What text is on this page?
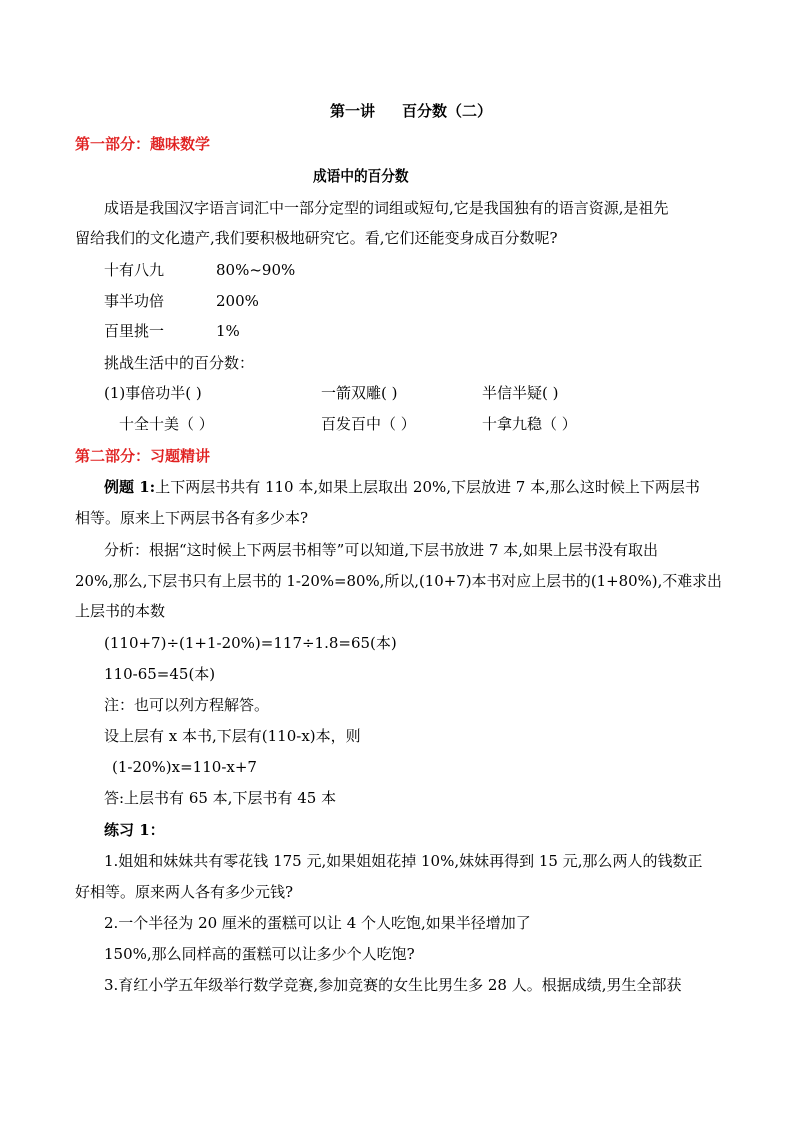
第一讲 百分数（二）
第一部分：趣味数学
成语中的百分数
成语是我国汉字语言词汇中一部分定型的词组或短句,它是我国独有的语言资源,是祖先
留给我们的文化遗产,我们要积极地研究它。看,它们还能变身成百分数呢?
十有八九	80%~90%
事半功倍	200%
百里挑一	1%
挑战生活中的百分数：
(1)事倍功半( )	一箭双雕( )	半信半疑( )
十全十美（ ）	百发百中（ ）	十拿九稳（ ）
第二部分：习题精讲
例题 1:上下两层书共有 110 本,如果上层取出 20%,下层放进 7 本,那么这时候上下两层书
相等。原来上下两层书各有多少本?
分析：根据“这时候上下两层书相等”可以知道,下层书放进 7 本,如果上层书没有取出
20%,那么,下层书只有上层书的 1-20%=80%,所以,(10+7)本书对应上层书的(1+80%),不难求出
上层书的本数
(110+7)÷(1+1-20%)=117÷1.8=65(本)
110-65=45(本)
注：也可以列方程解答。
设上层有 x 本书,下层有(110-x)本，则
(1-20%)x=110-x+7
答:上层书有 65 本,下层书有 45 本
练习 1：
1.姐姐和妹妹共有零花钱 175 元,如果姐姐花掉 10%,妹妹再得到 15 元,那么两人的钱数正
好相等。原来两人各有多少元钱?
2.一个半径为 20 厘米的蛋糕可以让 4 个人吃饱,如果半径增加了
150%,那么同样高的蛋糕可以让多少个人吃饱?
3.育红小学五年级举行数学竞赛,参加竞赛的女生比男生多 28 人。根据成绩,男生全部获
